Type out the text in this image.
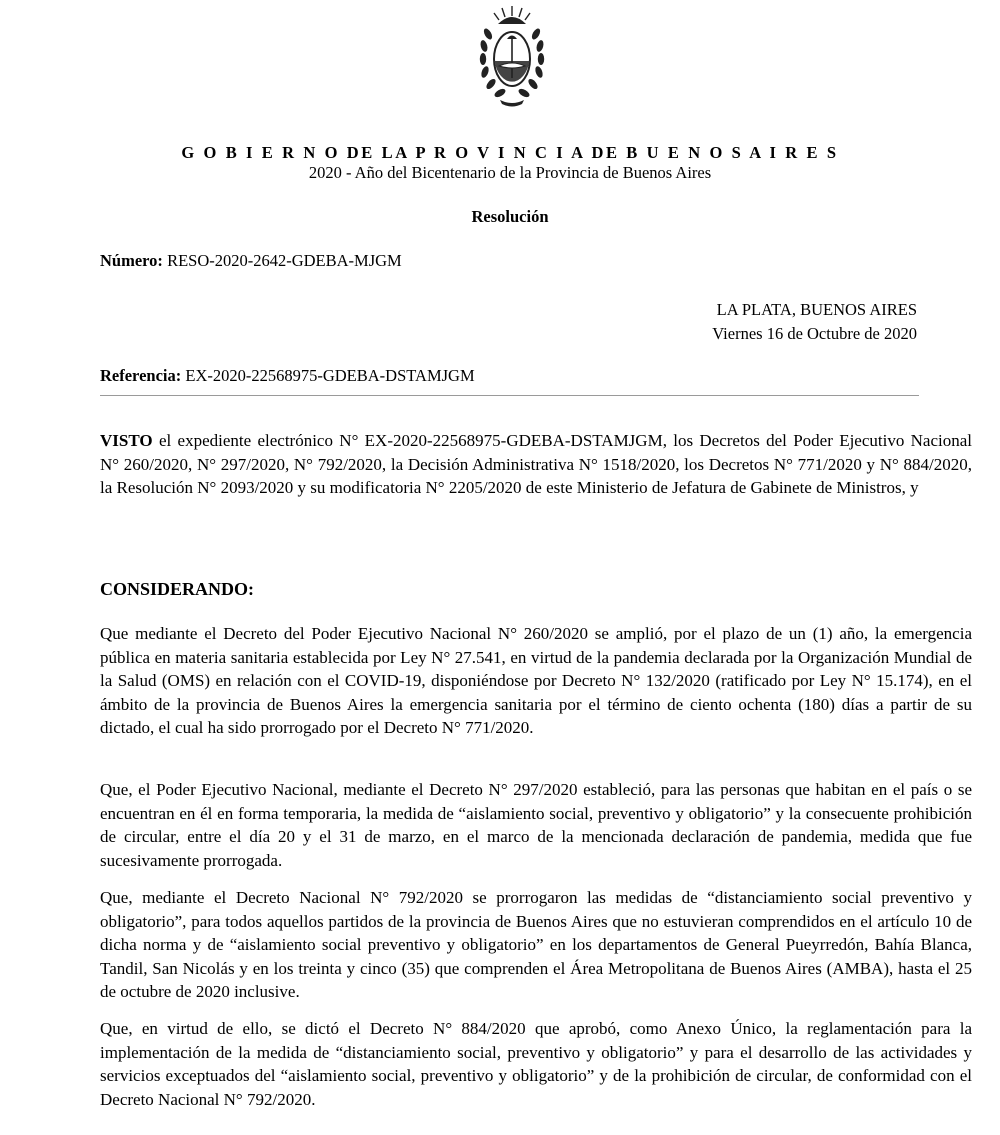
G O B I E R N O DE LA P R O V I N C I A DE B U E N O S A I R E S
2020 - Año del Bicentenario de la Provincia de Buenos Aires
Resolución
Número: RESO-2020-2642-GDEBA-MJGM
LA PLATA, BUENOS AIRES
Viernes 16 de Octubre de 2020
Referencia: EX-2020-22568975-GDEBA-DSTAMJGM

VISTO el expediente electrónico N° EX-2020-22568975-GDEBA-DSTAMJGM, los Decretos del Poder Ejecutivo Nacional N° 260/2020, N° 297/2020, N° 792/2020, la Decisión Administrativa N° 1518/2020, los Decretos N° 771/2020 y N° 884/2020, la Resolución N° 2093/2020 y su modificatoria N° 2205/2020 de este Ministerio de Jefatura de Gabinete de Ministros, y

CONSIDERANDO:

Que mediante el Decreto del Poder Ejecutivo Nacional N° 260/2020 se amplió, por el plazo de un (1) año, la emergencia pública en materia sanitaria establecida por Ley N° 27.541, en virtud de la pandemia declarada por la Organización Mundial de la Salud (OMS) en relación con el COVID-19, disponiéndose por Decreto N° 132/2020 (ratificado por Ley N° 15.174), en el ámbito de la provincia de Buenos Aires la emergencia sanitaria por el término de ciento ochenta (180) días a partir de su dictado, el cual ha sido prorrogado por el Decreto N° 771/2020.

Que, el Poder Ejecutivo Nacional, mediante el Decreto N° 297/2020 estableció, para las personas que habitan en el país o se encuentran en él en forma temporaria, la medida de “aislamiento social, preventivo y obligatorio” y la consecuente prohibición de circular, entre el día 20 y el 31 de marzo, en el marco de la mencionada declaración de pandemia, medida que fue sucesivamente prorrogada.

Que, mediante el Decreto Nacional N° 792/2020 se prorrogaron las medidas de “distanciamiento social preventivo y obligatorio”, para todos aquellos partidos de la provincia de Buenos Aires que no estuvieran comprendidos en el artículo 10 de dicha norma y de “aislamiento social preventivo y obligatorio” en los departamentos de General Pueyrredón, Bahía Blanca, Tandil, San Nicolás y en los treinta y cinco (35) que comprenden el Área Metropolitana de Buenos Aires (AMBA), hasta el 25 de octubre de 2020 inclusive.

Que, en virtud de ello, se dictó el Decreto N° 884/2020 que aprobó, como Anexo Único, la reglamentación para la implementación de la medida de “distanciamiento social, preventivo y obligatorio” y para el desarrollo de las actividades y servicios exceptuados del “aislamiento social, preventivo y obligatorio” y de la prohibición de circular, de conformidad con el Decreto Nacional N° 792/2020.
